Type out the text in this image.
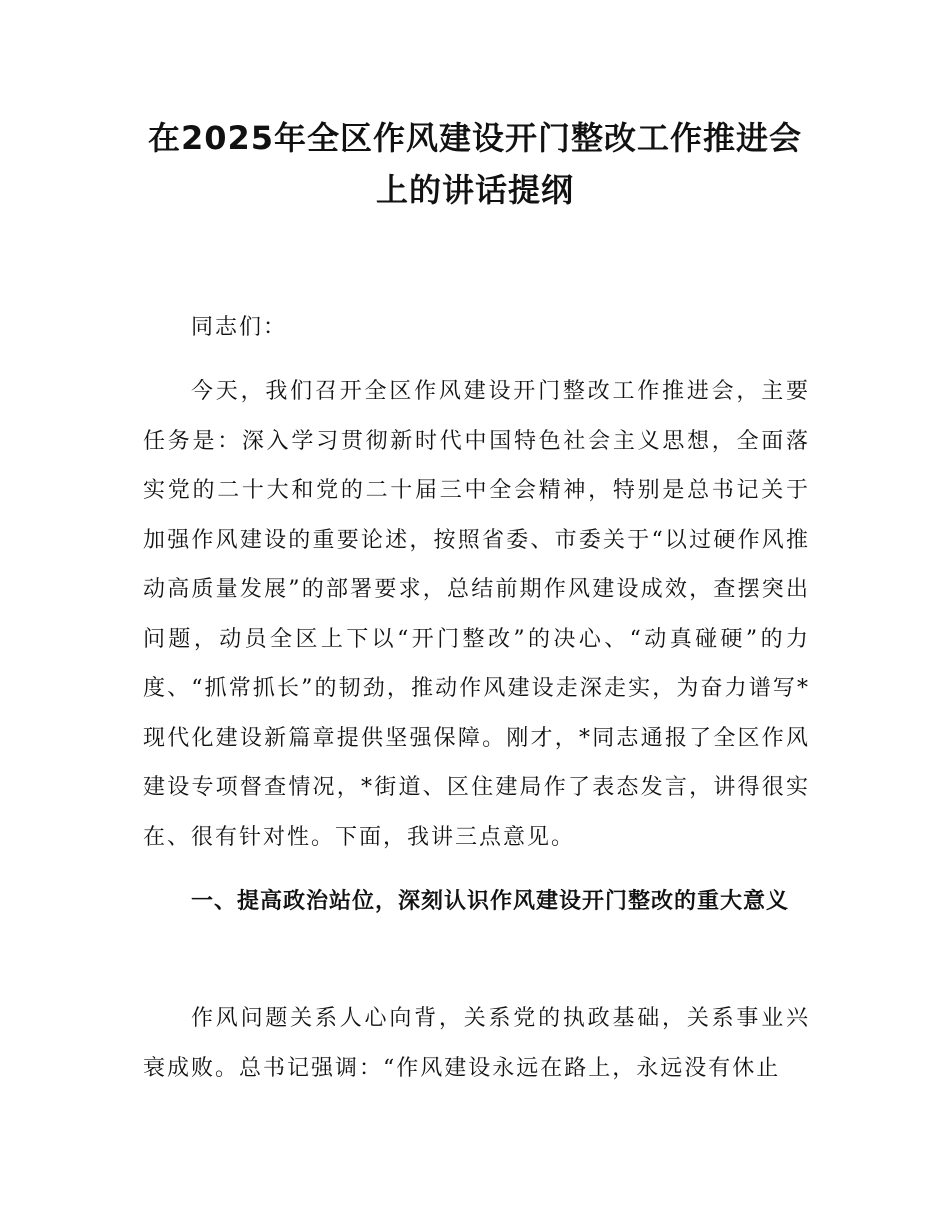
在2025年全区作风建设开门整改工作推进会
上的讲话提纲

同志们：

今天，我们召开全区作风建设开门整改工作推进会，主要任务是：深入学习贯彻新时代中国特色社会主义思想，全面落实党的二十大和党的二十届三中全会精神，特别是总书记关于加强作风建设的重要论述，按照省委、市委关于“以过硬作风推动高质量发展”的部署要求，总结前期作风建设成效，查摆突出问题，动员全区上下以“开门整改”的决心、“动真碰硬”的力度、“抓常抓长”的韧劲，推动作风建设走深走实，为奋力谱写*现代化建设新篇章提供坚强保障。刚才，*同志通报了全区作风建设专项督查情况，*街道、区住建局作了表态发言，讲得很实在、很有针对性。下面，我讲三点意见。

一、提高政治站位，深刻认识作风建设开门整改的重大意义

作风问题关系人心向背，关系党的执政基础，关系事业兴衰成败。总书记强调：“作风建设永远在路上，永远没有休止
